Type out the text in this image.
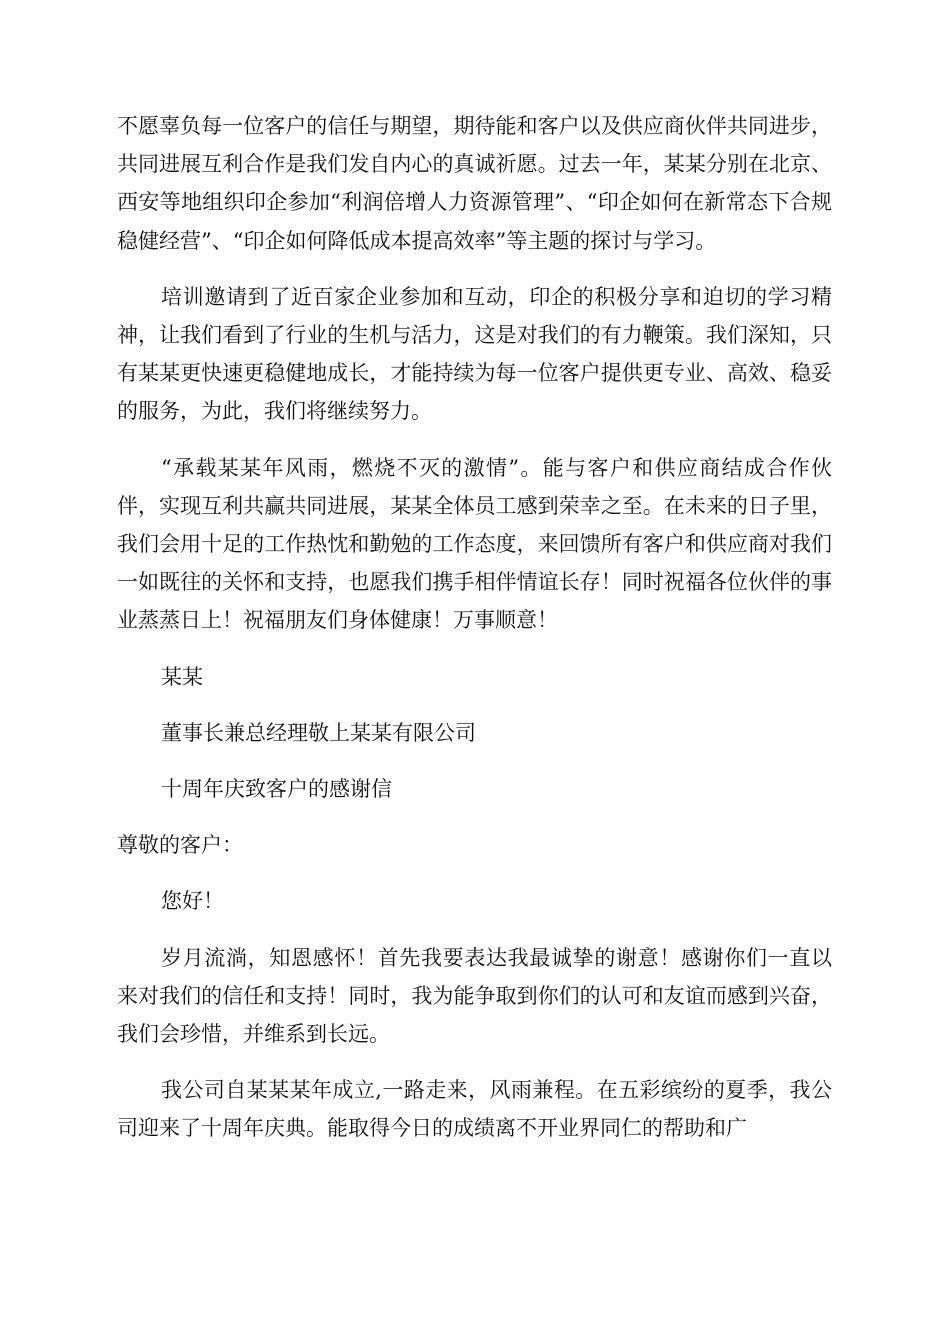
不愿辜负每一位客户的信任与期望，期待能和客户以及供应商伙伴共同进步，共同进展互利合作是我们发自内心的真诚祈愿。过去一年，某某分别在北京、西安等地组织印企参加“利润倍增人力资源管理”、“印企如何在新常态下合规稳健经营”、“印企如何降低成本提高效率”等主题的探讨与学习。

培训邀请到了近百家企业参加和互动，印企的积极分享和迫切的学习精神，让我们看到了行业的生机与活力，这是对我们的有力鞭策。我们深知，只有某某更快速更稳健地成长，才能持续为每一位客户提供更专业、高效、稳妥的服务，为此，我们将继续努力。

“承载某某年风雨，燃烧不灭的激情”。能与客户和供应商结成合作伙伴，实现互利共赢共同进展，某某全体员工感到荣幸之至。在未来的日子里，我们会用十足的工作热忱和勤勉的工作态度，来回馈所有客户和供应商对我们一如既往的关怀和支持，也愿我们携手相伴情谊长存！同时祝福各位伙伴的事业蒸蒸日上！祝福朋友们身体健康！万事顺意！

某某

董事长兼总经理敬上某某有限公司

十周年庆致客户的感谢信

尊敬的客户：

您好！

岁月流淌，知恩感怀！首先我要表达我最诚挚的谢意！感谢你们一直以来对我们的信任和支持！同时，我为能争取到你们的认可和友谊而感到兴奋，我们会珍惜，并维系到长远。

我公司自某某某年成立,一路走来，风雨兼程。在五彩缤纷的夏季，我公司迎来了十周年庆典。能取得今日的成绩离不开业界同仁的帮助和广
